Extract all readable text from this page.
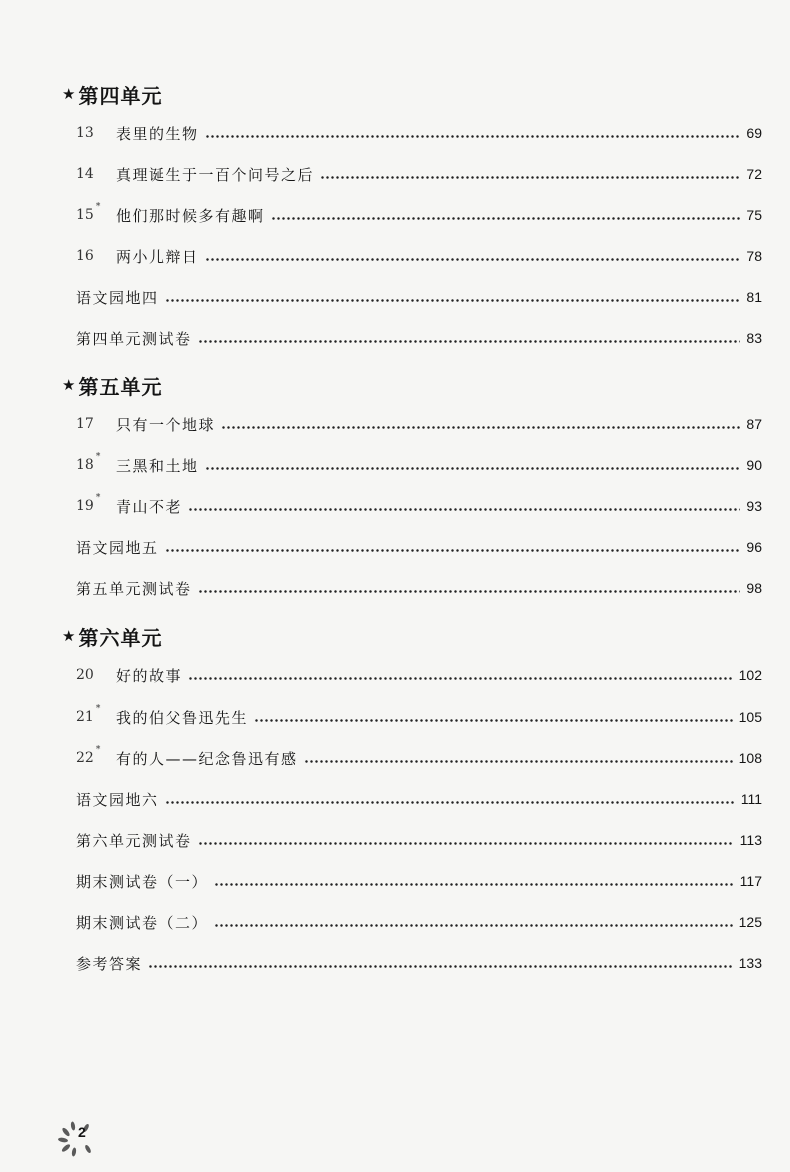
★ 第四单元
13	表里的生物	69
14	真理诞生于一百个问号之后	72
15 * 他们那时候多有趣啊	75
16	两小儿辩日	78
语文园地四	81
第四单元测试卷	83
★ 第五单元
17	只有一个地球	87
18 * 三黑和土地	90
19 * 青山不老	93
语文园地五	96
第五单元测试卷	98
★ 第六单元
20	好的故事	102
21 * 我的伯父鲁迅先生	105
22 * 有的人——纪念鲁迅有感	108
语文园地六	111
第六单元测试卷	113
期末测试卷（一）	117
期末测试卷（二）	125
参考答案	133
2
